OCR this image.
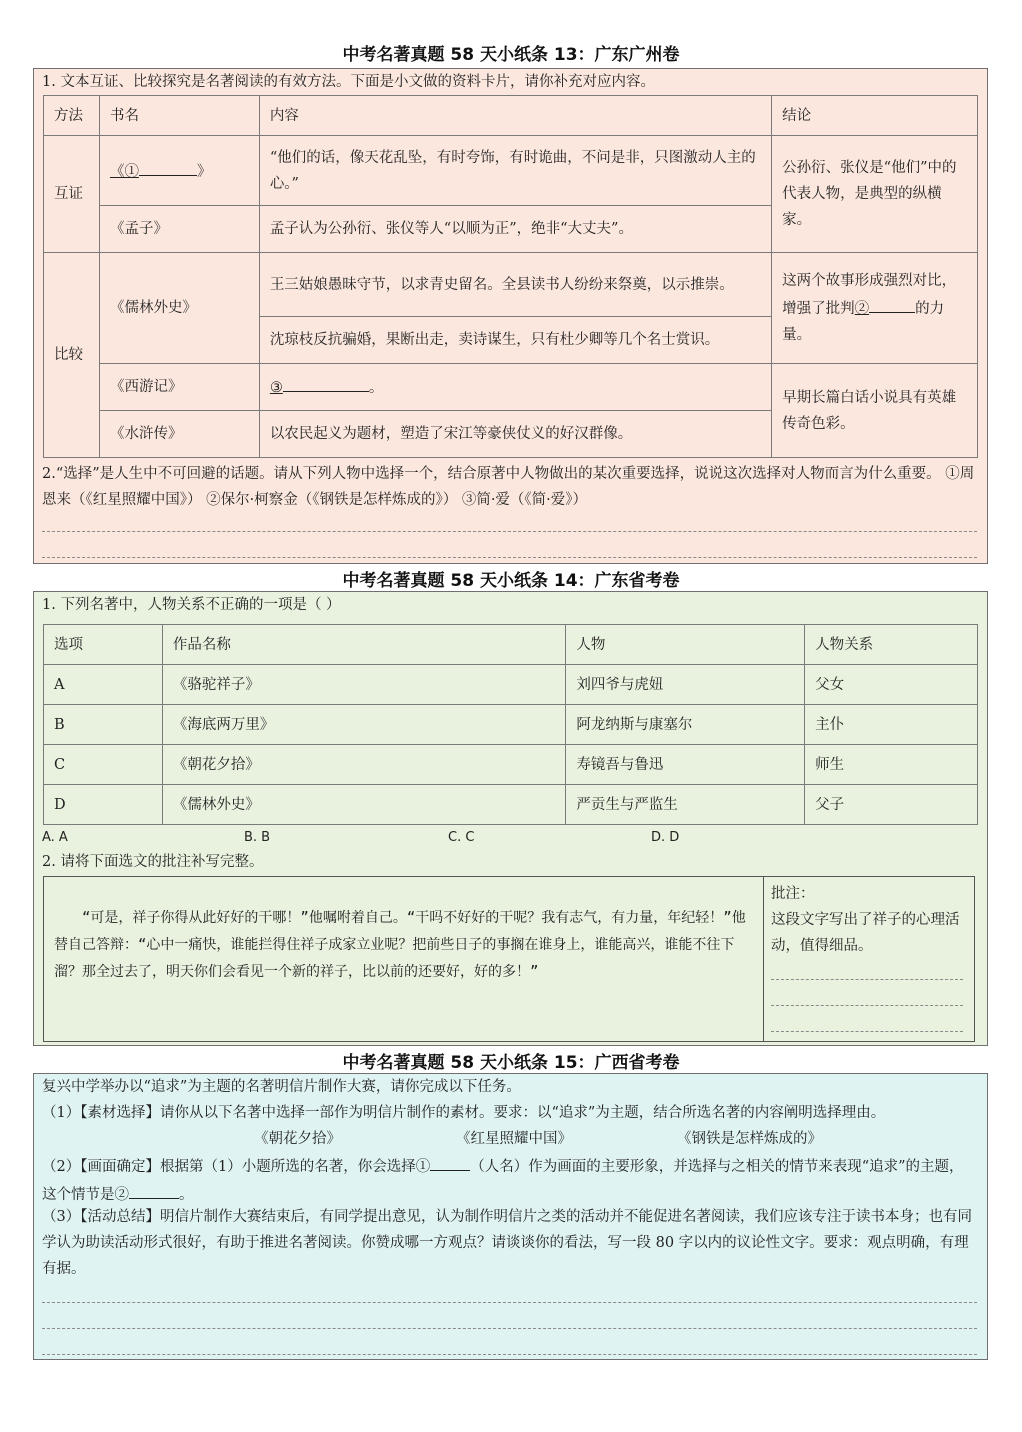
中考名著真题 58 天小纸条 13：广东广州卷
1. 文本互证、比较探究是名著阅读的有效方法。下面是小文做的资料卡片，请你补充对应内容。
方法	书名	内容	结论
互证	《① 》	“他们的话，像天花乱坠，有时夸饰，有时诡曲，不问是非，只图激动人主的心。”	公孙衍、张仪是“他们”中的代表人物，是典型的纵横家。
	《孟子》	孟子认为公孙衍、张仪等人“以顺为正”，绝非“大丈夫”。	
比较	《儒林外史》	王三姑娘愚昧守节，以求青史留名。全县读书人纷纷来祭奠，以示推崇。	这两个故事形成强烈对比，增强了批判② 的力量。
		沈琼枝反抗骗婚，果断出走，卖诗谋生，只有杜少卿等几个名士赏识。	
	《西游记》	③ 。	早期长篇白话小说具有英雄传奇色彩。
	《水浒传》	以农民起义为题材，塑造了宋江等豪侠仗义的好汉群像。	
2.“选择”是人生中不可回避的话题。请从下列人物中选择一个，结合原著中人物做出的某次重要选择，说说这次选择对人物而言为什么重要。 ①周恩来（《红星照耀中国》） ②保尔·柯察金（《钢铁是怎样炼成的》） ③简·爱（《简·爱》）
中考名著真题 58 天小纸条 14：广东省考卷
1. 下列名著中，人物关系不正确的一项是（ ）
选项	作品名称	人物	人物关系
A	《骆驼祥子》	刘四爷与虎妞	父女
B	《海底两万里》	阿龙纳斯与康塞尔	主仆
C	《朝花夕拾》	寿镜吾与鲁迅	师生
D	《儒林外史》	严贡生与严监生	父子
A. A	B. B	C. C	D. D
2. 请将下面选文的批注补写完整。
“可是，祥子你得从此好好的干哪！”他嘱咐着自己。“干吗不好好的干呢？我有志气，有力量，年纪轻！”他替自己答辩：“心中一痛快，谁能拦得住祥子成家立业呢？把前些日子的事搁在谁身上，谁能高兴，谁能不往下溜？那全过去了，明天你们会看见一个新的祥子，比以前的还要好，好的多！”
批注：
这段文字写出了祥子的心理活动，值得细品。
中考名著真题 58 天小纸条 15：广西省考卷
复兴中学举办以“追求”为主题的名著明信片制作大赛，请你完成以下任务。
（1）【素材选择】请你从以下名著中选择一部作为明信片制作的素材。要求：以“追求”为主题，结合所选名著的内容阐明选择理由。
《朝花夕拾》	《红星照耀中国》	《钢铁是怎样炼成的》
（2）【画面确定】根据第（1）小题所选的名著，你会选择①	（人名）作为画面的主要形象，并选择与之相关的情节来表现“追求”的主题，这个情节是②	。
（3）【活动总结】明信片制作大赛结束后，有同学提出意见，认为制作明信片之类的活动并不能促进名著阅读，我们应该专注于读书本身；也有同学认为助读活动形式很好，有助于推进名著阅读。你赞成哪一方观点？请谈谈你的看法，写一段 80 字以内的议论性文字。要求：观点明确，有理有据。
